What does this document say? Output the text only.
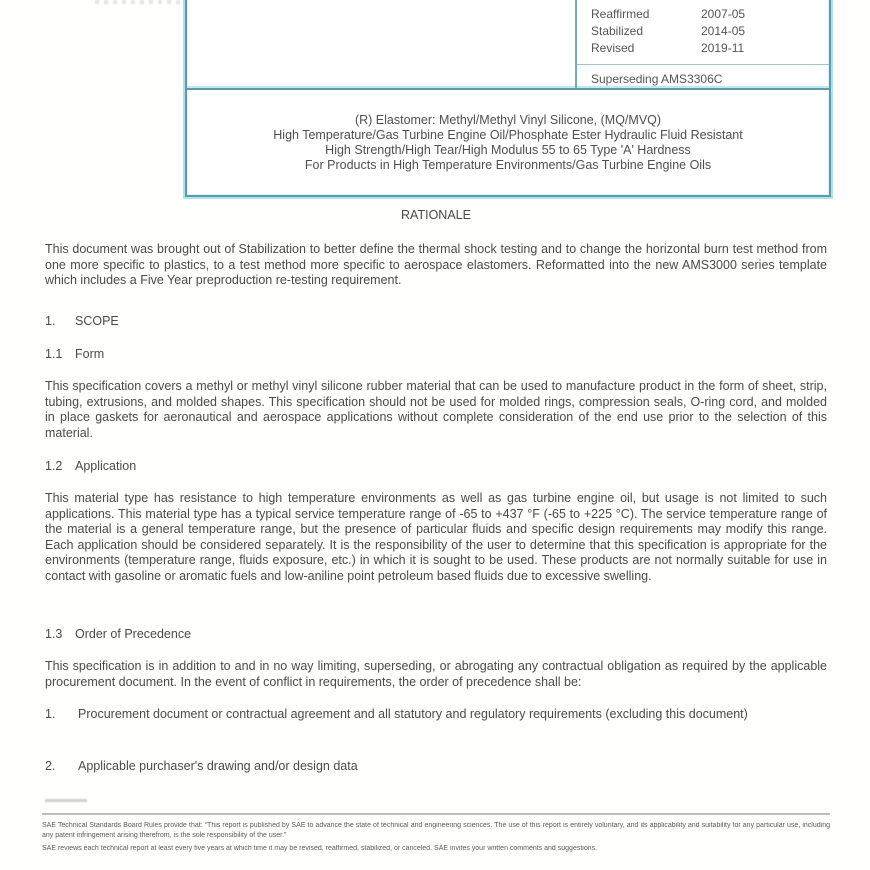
Reaffirmed	2007-05
Stabilized	2014-05
Revised	2019-11
Superseding AMS3306C
(R) Elastomer: Methyl/Methyl Vinyl Silicone, (MQ/MVQ)
High Temperature/Gas Turbine Engine Oil/Phosphate Ester Hydraulic Fluid Resistant
High Strength/High Tear/High Modulus 55 to 65 Type 'A' Hardness
For Products in High Temperature Environments/Gas Turbine Engine Oils
RATIONALE
This document was brought out of Stabilization to better define the thermal shock testing and to change the horizontal burn test method from one more specific to plastics, to a test method more specific to aerospace elastomers. Reformatted into the new AMS3000 series template which includes a Five Year preproduction re-testing requirement.
1. SCOPE
1.1 Form
This specification covers a methyl or methyl vinyl silicone rubber material that can be used to manufacture product in the form of sheet, strip, tubing, extrusions, and molded shapes. This specification should not be used for molded rings, compression seals, O-ring cord, and molded in place gaskets for aeronautical and aerospace applications without complete consideration of the end use prior to the selection of this material.
1.2 Application
This material type has resistance to high temperature environments as well as gas turbine engine oil, but usage is not limited to such applications. This material type has a typical service temperature range of -65 to +437 °F (-65 to +225 °C). The service temperature range of the material is a general temperature range, but the presence of particular fluids and specific design requirements may modify this range. Each application should be considered separately. It is the responsibility of the user to determine that this specification is appropriate for the environments (temperature range, fluids exposure, etc.) in which it is sought to be used. These products are not normally suitable for use in contact with gasoline or aromatic fuels and low-aniline point petroleum based fluids due to excessive swelling.
1.3 Order of Precedence
This specification is in addition to and in no way limiting, superseding, or abrogating any contractual obligation as required by the applicable procurement document. In the event of conflict in requirements, the order of precedence shall be:
1.	Procurement document or contractual agreement and all statutory and regulatory requirements (excluding this document)
2.	Applicable purchaser's drawing and/or design data
SAE Technical Standards Board Rules provide that: “This report is published by SAE to advance the state of technical and engineering sciences. The use of this report is entirely voluntary, and its applicability and suitability for any particular use, including any patent infringement arising therefrom, is the sole responsibility of the user.”
SAE reviews each technical report at least every five years at which time it may be revised, reaffirmed, stabilized, or canceled. SAE invites your written comments and suggestions.
